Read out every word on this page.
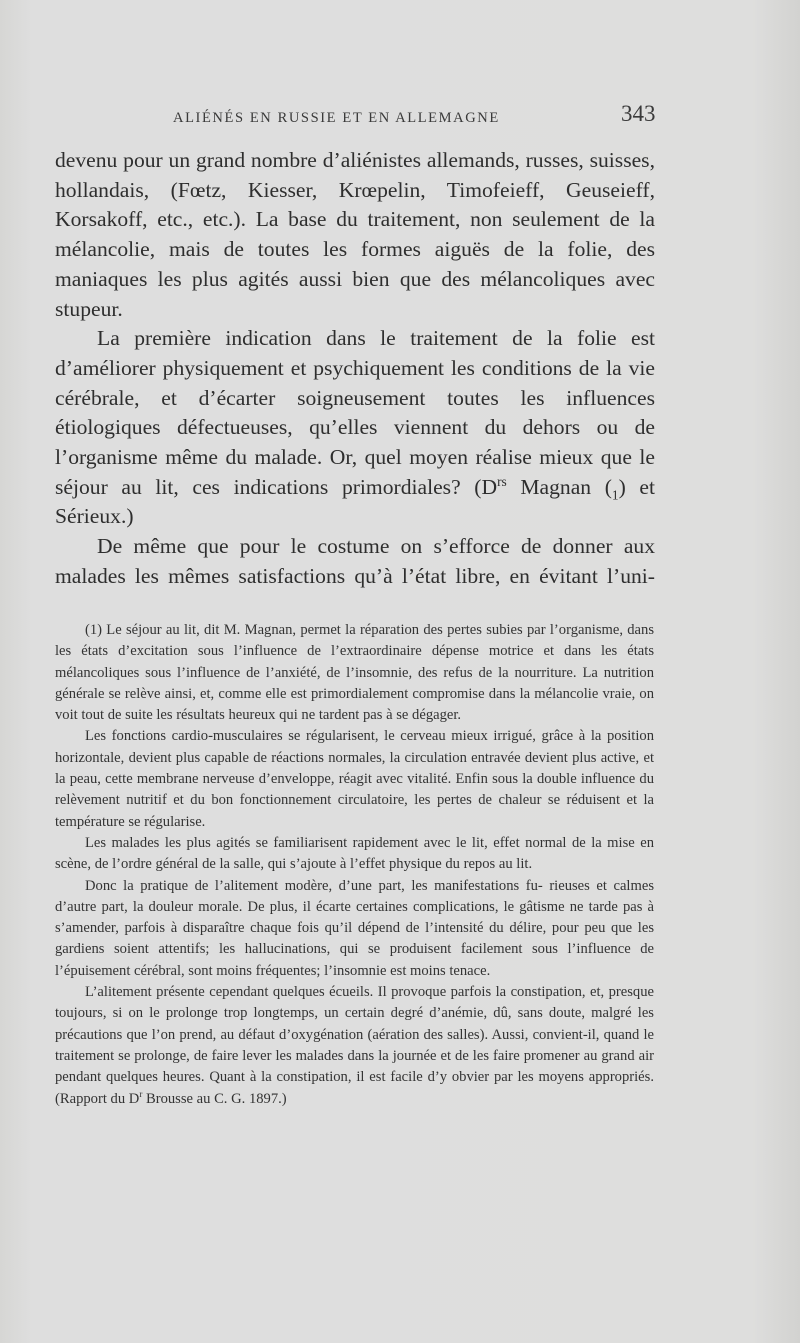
ALIÉNÉS EN RUSSIE ET EN ALLEMAGNE	343

devenu pour un grand nombre d’aliénistes allemands, russes, suisses, hollandais, (Fœtz, Kiesser, Krœpelin, Timofeieff, Geuseieff, Korsakoff, etc., etc.). La base du traitement, non seulement de la mélancolie, mais de toutes les formes aiguës de la folie, des maniaques les plus agités aussi bien que des mélancoliques avec stupeur.

La première indication dans le traitement de la folie est d’améliorer physiquement et psychiquement les conditions de la vie cérébrale, et d’écarter soigneusement toutes les influences étiologiques défectueuses, qu’elles viennent du dehors ou de l’organisme même du malade. Or, quel moyen réalise mieux que le séjour au lit, ces indications primordiales? ($D^{rs}$ Magnan $(_1)$ et Sérieux.)

De même que pour le costume on s’efforce de donner aux malades les mêmes satisfactions qu’à l’état libre, en évitant l’uni-

(1) Le séjour au lit, dit M. Magnan, permet la réparation des pertes subies par l’organisme, dans les états d’excitation sous l’influence de l’extraordinaire dépense motrice et dans les états mélancoliques sous l’influence de l’anxiété, de l’insomnie, des refus de la nourriture. La nutrition générale se relève ainsi, et, comme elle est primordialement compromise dans la mélancolie vraie, on voit tout de suite les résultats heureux qui ne tardent pas à se dégager.

Les fonctions cardio-musculaires se régularisent, le cerveau mieux irrigué, grâce à la position horizontale, devient plus capable de réactions normales, la circulation entravée devient plus active, et la peau, cette membrane nerveuse d’enveloppe, réagit avec vitalité. Enfin sous la double influence du relèvement nutritif et du bon fonctionnement circulatoire, les pertes de chaleur se réduisent et la température se régularise.

Les malades les plus agités se familiarisent rapidement avec le lit, effet normal de la mise en scène, de l’ordre général de la salle, qui s’ajoute à l’effet physique du repos au lit.

Donc la pratique de l’alitement modère, d’une part, les manifestations fu- rieuses et calmes d’autre part, la douleur morale. De plus, il écarte certaines complications, le gâtisme ne tarde pas à s’amender, parfois à disparaître chaque fois qu’il dépend de l’intensité du délire, pour peu que les gardiens soient attentifs; les hallucinations, qui se produisent facilement sous l’influence de l’épuisement cérébral, sont moins fréquentes; l’insomnie est moins tenace.

L’alitement présente cependant quelques écueils. Il provoque parfois la constipation, et, presque toujours, si on le prolonge trop longtemps, un certain degré d’anémie, dû, sans doute, malgré les précautions que l’on prend, au défaut d’oxygénation (aération des salles). Aussi, convient-il, quand le traitement se prolonge, de faire lever les malades dans la journée et de les faire promener au grand air pendant quelques heures. Quant à la constipation, il est facile d’y obvier par les moyens appropriés. (Rapport du $D^r$ Brousse au C. G. 1897.)
